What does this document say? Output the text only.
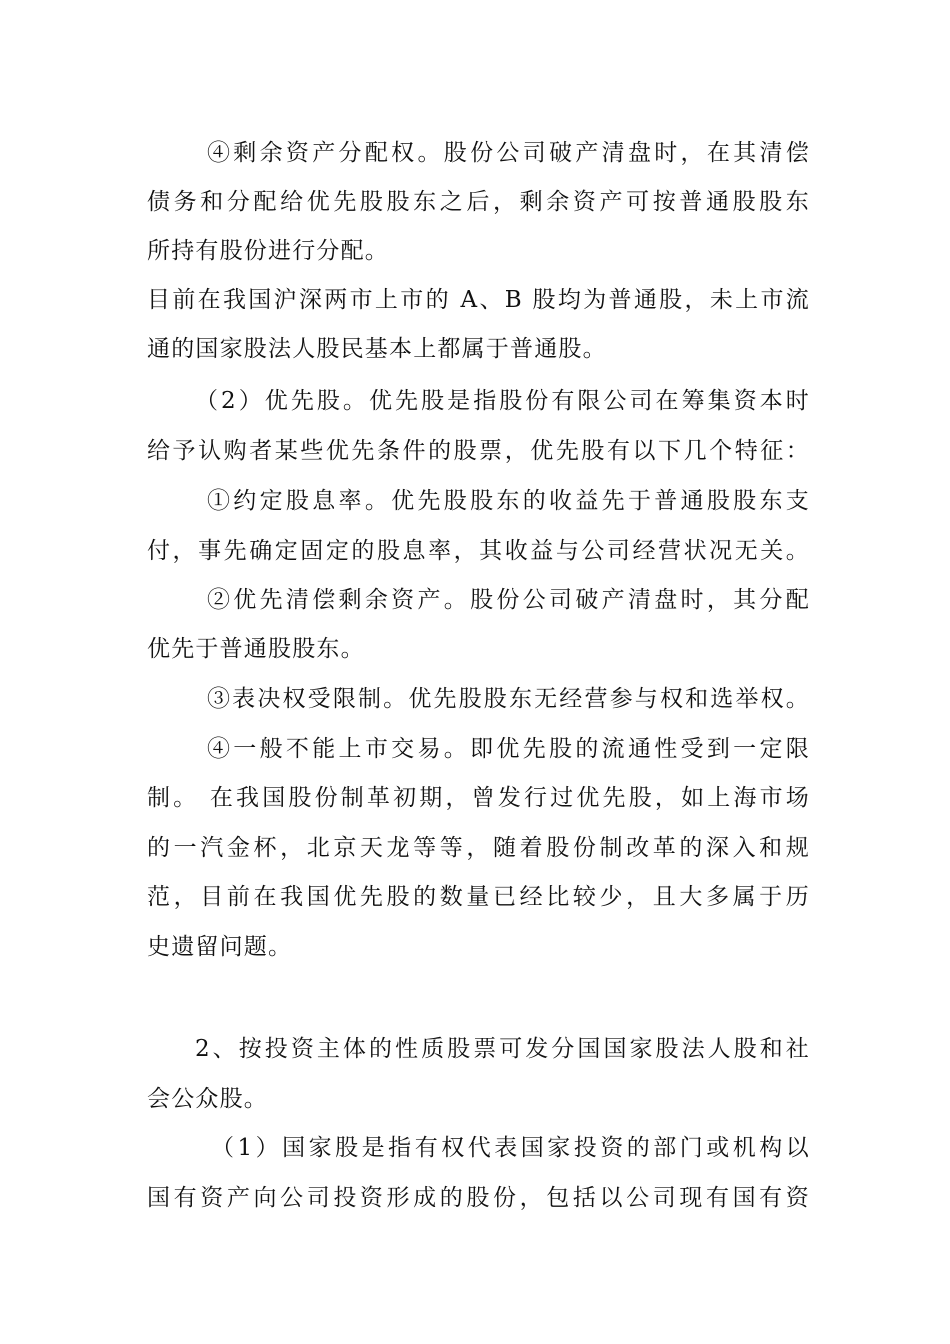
④剩余资产分配权。股份公司破产清盘时，在其清偿
债务和分配给优先股股东之后，剩余资产可按普通股股东
所持有股份进行分配。
目前在我国沪深两市上市的 A、B 股均为普通股，未上市流
通的国家股法人股民基本上都属于普通股。
（2）优先股。优先股是指股份有限公司在筹集资本时
给予认购者某些优先条件的股票，优先股有以下几个特征：
①约定股息率。优先股股东的收益先于普通股股东支
付，事先确定固定的股息率，其收益与公司经营状况无关。
②优先清偿剩余资产。股份公司破产清盘时，其分配
优先于普通股股东。
③表决权受限制。优先股股东无经营参与权和选举权。
④一般不能上市交易。即优先股的流通性受到一定限
制。 在我国股份制革初期，曾发行过优先股，如上海市场
的一汽金杯，北京天龙等等，随着股份制改革的深入和规
范，目前在我国优先股的数量已经比较少，且大多属于历
史遗留问题。
2、按投资主体的性质股票可发分国国家股法人股和社
会公众股。
（1）国家股是指有权代表国家投资的部门或机构以
国有资产向公司投资形成的股份，包括以公司现有国有资
